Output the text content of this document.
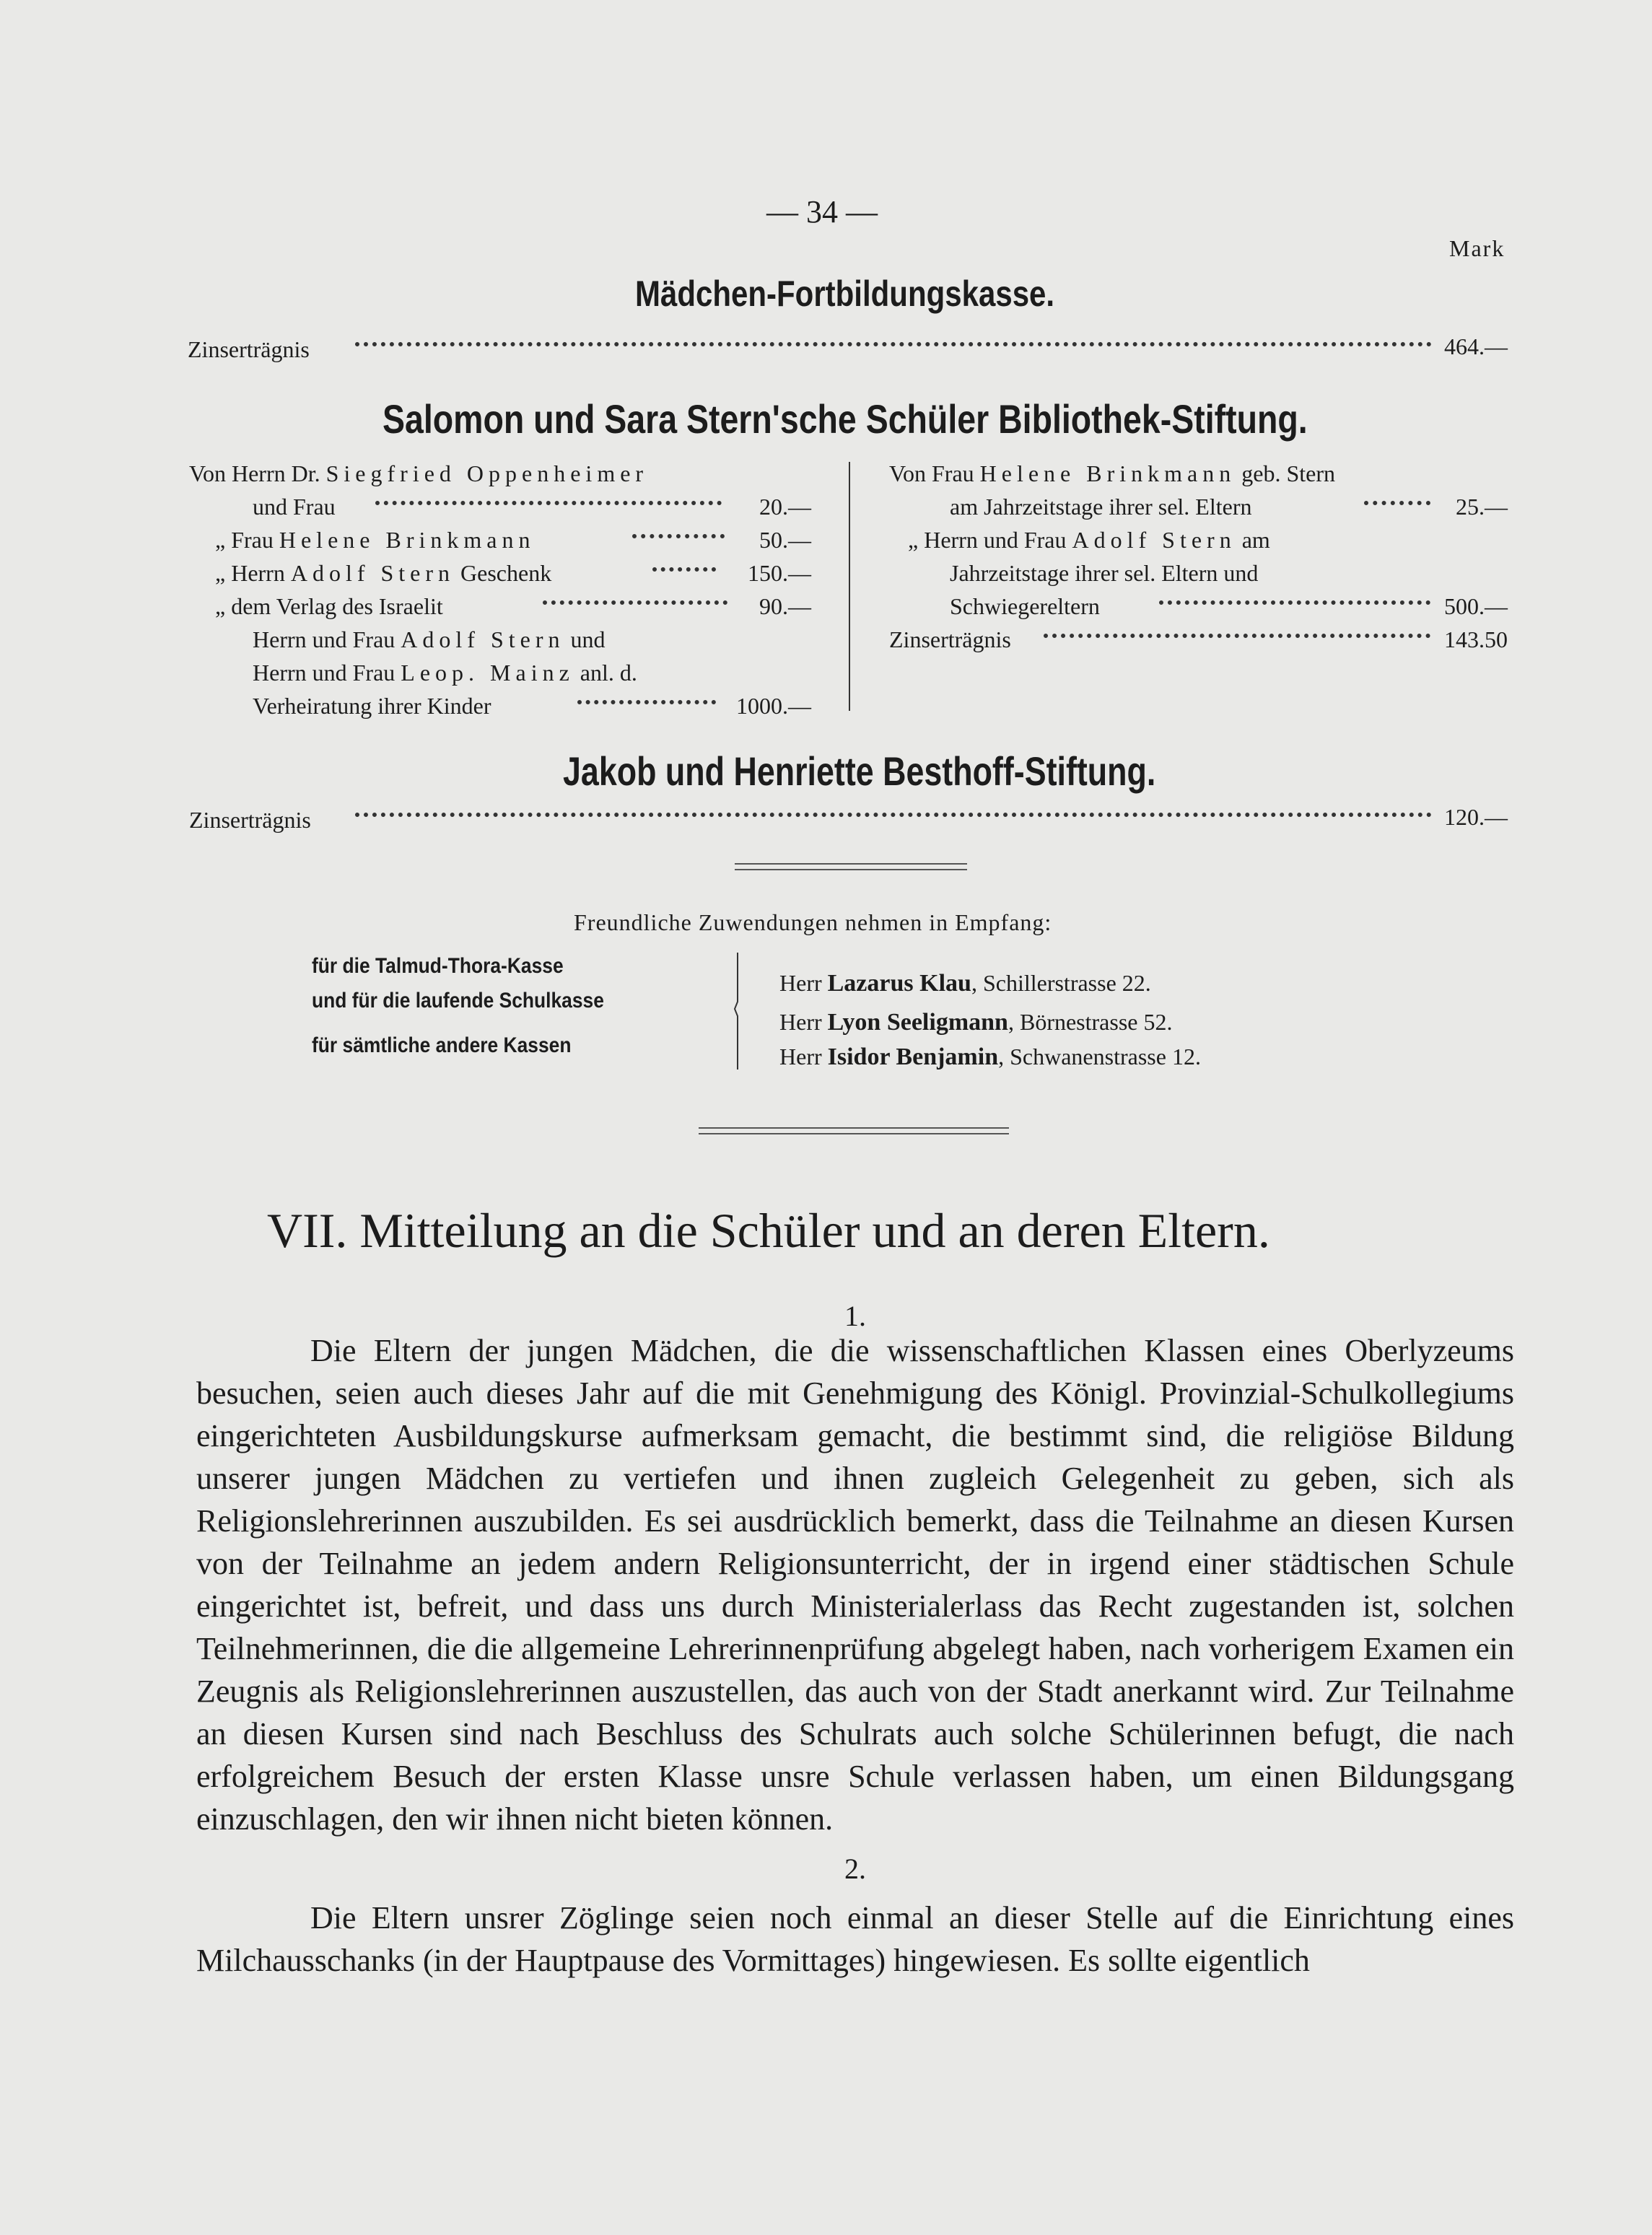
— 34 —
Mark
Mädchen-Fortbildungskasse.
Zinserträgnis	464.—
Salomon und Sara Stern'sche Schüler Bibliothek-Stiftung.
Von Herrn Dr. Siegfried Oppenheimer
und Frau	20.—
„ Frau Helene Brinkmann	50.—
„ Herrn Adolf Stern Geschenk	150.—
„ dem Verlag des Israelit	90.—
Herrn und Frau Adolf Stern und
Herrn und Frau Leop. Mainz anl. d.
Verheiratung ihrer Kinder	1000.—
Von Frau Helene Brinkmann geb. Stern
am Jahrzeitstage ihrer sel. Eltern	25.—
„ Herrn und Frau Adolf Stern am
Jahrzeitstage ihrer sel. Eltern und
Schwiegereltern	500.—
Zinserträgnis	143.50
Jakob und Henriette Besthoff-Stiftung.
Zinserträgnis	120.—
Freundliche Zuwendungen nehmen in Empfang:
für die Talmud-Thora-Kasse
und für die laufende Schulkasse
für sämtliche andere Kassen
Herr Lazarus Klau, Schillerstrasse 22.
Herr Lyon Seeligmann, Börnestrasse 52.
Herr Isidor Benjamin, Schwanenstrasse 12.
VII. Mitteilung an die Schüler und an deren Eltern.
1.

Die Eltern der jungen Mädchen, die die wissenschaftlichen Klassen eines Oberlyzeums besuchen, seien auch dieses Jahr auf die mit Genehmigung des Königl. Provinzial-Schulkollegiums eingerichteten Ausbildungskurse aufmerksam gemacht, die bestimmt sind, die religiöse Bildung unserer jungen Mädchen zu vertiefen und ihnen zugleich Gelegenheit zu geben, sich als Religionslehrerinnen auszubilden. Es sei ausdrücklich bemerkt, dass die Teilnahme an diesen Kursen von der Teilnahme an jedem andern Religionsunterricht, der in irgend einer städtischen Schule eingerichtet ist, befreit, und dass uns durch Ministerialerlass das Recht zugestanden ist, solchen Teilnehmerinnen, die die allgemeine Lehrerinnenprüfung abgelegt haben, nach vorherigem Examen ein Zeugnis als Religionslehrerinnen auszustellen, das auch von der Stadt anerkannt wird. Zur Teilnahme an diesen Kursen sind nach Beschluss des Schulrats auch solche Schülerinnen befugt, die nach erfolgreichem Besuch der ersten Klasse unsre Schule verlassen haben, um einen Bildungsgang einzuschlagen, den wir ihnen nicht bieten können.

2.

Die Eltern unsrer Zöglinge seien noch einmal an dieser Stelle auf die Einrichtung eines Milchausschanks (in der Hauptpause des Vormittages) hingewiesen. Es sollte eigentlich
